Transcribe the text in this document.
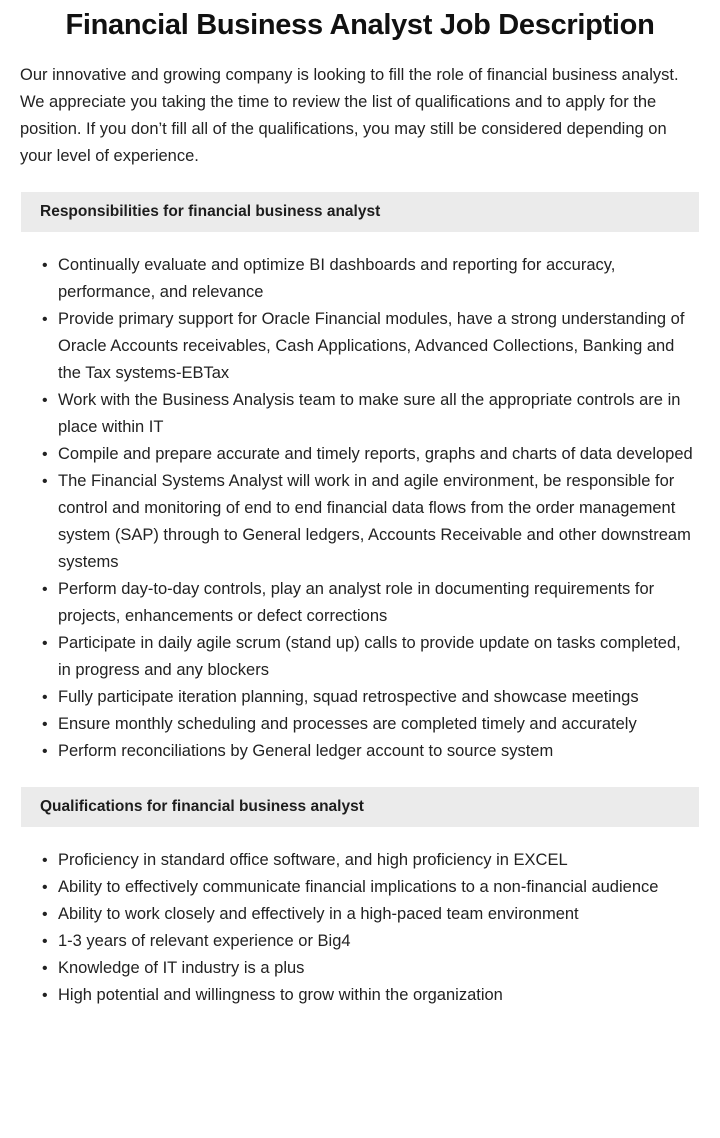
Financial Business Analyst Job Description

Our innovative and growing company is looking to fill the role of financial business analyst. We appreciate you taking the time to review the list of qualifications and to apply for the position. If you don’t fill all of the qualifications, you may still be considered depending on your level of experience.

Responsibilities for financial business analyst
• Continually evaluate and optimize BI dashboards and reporting for accuracy, performance, and relevance
• Provide primary support for Oracle Financial modules, have a strong understanding of Oracle Accounts receivables, Cash Applications, Advanced Collections, Banking and the Tax systems-EBTax
• Work with the Business Analysis team to make sure all the appropriate controls are in place within IT
• Compile and prepare accurate and timely reports, graphs and charts of data developed
• The Financial Systems Analyst will work in and agile environment, be responsible for control and monitoring of end to end financial data flows from the order management system (SAP) through to General ledgers, Accounts Receivable and other downstream systems
• Perform day-to-day controls, play an analyst role in documenting requirements for projects, enhancements or defect corrections
• Participate in daily agile scrum (stand up) calls to provide update on tasks completed, in progress and any blockers
• Fully participate iteration planning, squad retrospective and showcase meetings
• Ensure monthly scheduling and processes are completed timely and accurately
• Perform reconciliations by General ledger account to source system
Qualifications for financial business analyst
• Proficiency in standard office software, and high proficiency in EXCEL
• Ability to effectively communicate financial implications to a non-financial audience
• Ability to work closely and effectively in a high-paced team environment
• 1-3 years of relevant experience or Big4
• Knowledge of IT industry is a plus
• High potential and willingness to grow within the organization
